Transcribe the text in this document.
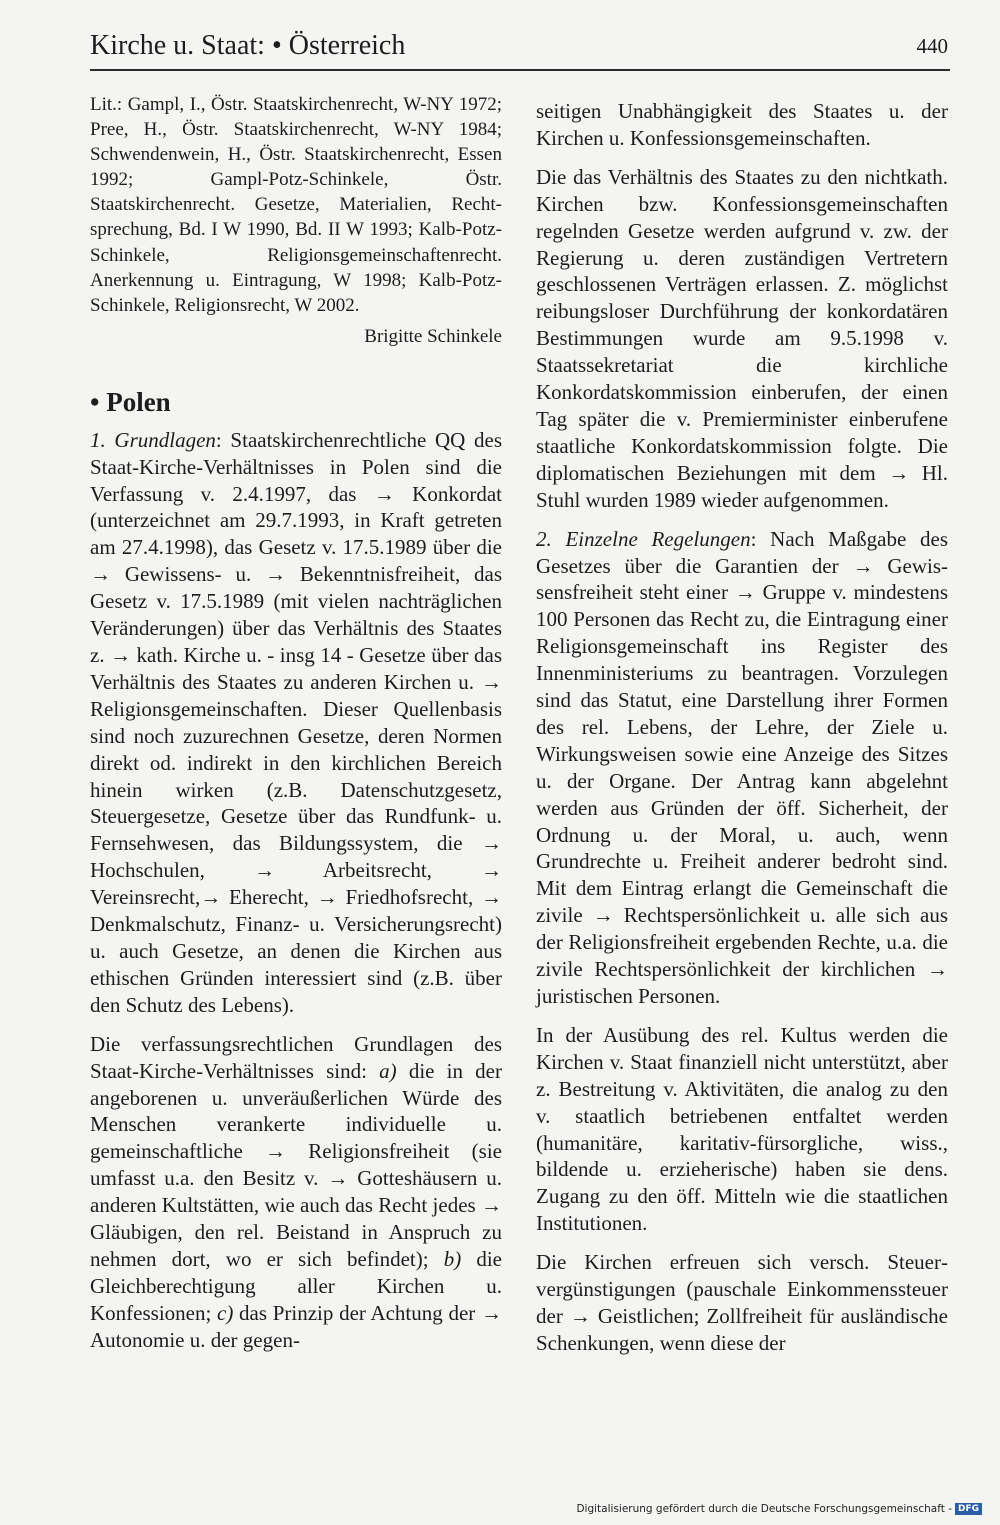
Kirche u. Staat: • Österreich	440

Lit.: Gampl, I., Östr. Staatskirchenrecht, W-NY 1972; Pree, H., Östr. Staatskirchenrecht, W-NY 1984; Schwendenwein, H., Östr. Staatskirchenrecht, Essen 1992; Gampl-Potz-Schinkele, Östr. Staatskirchenrecht. Gesetze, Materialien, Rechtsprechung, Bd. I W 1990, Bd. II W 1993; Kalb-Potz-Schinkele, Religionsgemeinschaftenrecht. Anerkennung u. Eintragung, W 1998; Kalb-Potz-Schinkele, Religionsrecht, W 2002.

Brigitte Schinkele

• Polen

1. Grundlagen: Staatskirchenrechtliche QQ des Staat-Kirche-Verhältnisses in Polen sind die Verfassung v. 2.4.1997, das → Konkordat (unterzeichnet am 29.7.1993, in Kraft getreten am 27.4.1998), das Gesetz v. 17.5.1989 über die → Gewissens- u. → Bekenntnisfreiheit, das Gesetz v. 17.5.1989 (mit vielen nachträglichen Veränderungen) über das Verhältnis des Staates z. → kath. Kirche u. - insg 14 - Gesetze über das Verhältnis des Staates zu anderen Kirchen u. → Religionsgemeinschaften. Dieser Quellenbasis sind noch zuzurechnen Gesetze, deren Normen direkt od. indirekt in den kirchlichen Bereich hinein wirken (z.B. Datenschutzgesetz, Steuergesetze, Gesetze über das Rundfunk- u. Fernsehwesen, das Bildungssystem, die → Hochschulen, → Arbeitsrecht, → Vereinsrecht,→ Eherecht, → Friedhofsrecht, → Denkmalschutz, Finanz- u. Versicherungsrecht) u. auch Gesetze, an denen die Kirchen aus ethischen Gründen interessiert sind (z.B. über den Schutz des Lebens).

Die verfassungsrechtlichen Grundlagen des Staat-Kirche-Verhältnisses sind: a) die in der angeborenen u. unveräußerlichen Würde des Menschen verankerte individuelle u. gemeinschaftliche → Religionsfreiheit (sie umfasst u.a. den Besitz v. → Gotteshäusern u. anderen Kultstätten, wie auch das Recht jedes → Gläubigen, den rel. Beistand in Anspruch zu nehmen dort, wo er sich befindet); b) die Gleichberechtigung aller Kirchen u. Konfessionen; c) das Prinzip der Achtung der → Autonomie u. der gegen-

seitigen Unabhängigkeit des Staates u. der Kirchen u. Konfessionsgemeinschaften.

Die das Verhältnis des Staates zu den nichtkath. Kirchen bzw. Konfessionsgemeinschaften regelnden Gesetze werden aufgrund v. zw. der Regierung u. deren zuständigen Vertretern geschlossenen Verträgen erlassen. Z. möglichst reibungsloser Durchführung der konkordatären Bestimmungen wurde am 9.5.1998 v. Staatssekretariat die kirchliche Konkordatskommission einberufen, der einen Tag später die v. Premierminister einberufene staatliche Konkordatskommission folgte. Die diplomatischen Beziehungen mit dem → Hl. Stuhl wurden 1989 wieder aufgenommen.

2. Einzelne Regelungen: Nach Maßgabe des Gesetzes über die Garantien der → Gewissensfreiheit steht einer → Gruppe v. mindestens 100 Personen das Recht zu, die Eintragung einer Religionsgemeinschaft ins Register des Innenministeriums zu beantragen. Vorzulegen sind das Statut, eine Darstellung ihrer Formen des rel. Lebens, der Lehre, der Ziele u. Wirkungsweisen sowie eine Anzeige des Sitzes u. der Organe. Der Antrag kann abgelehnt werden aus Gründen der öff. Sicherheit, der Ordnung u. der Moral, u. auch, wenn Grundrechte u. Freiheit anderer bedroht sind. Mit dem Eintrag erlangt die Gemeinschaft die zivile → Rechtspersönlichkeit u. alle sich aus der Religionsfreiheit ergebenden Rechte, u.a. die zivile Rechtspersönlichkeit der kirchlichen → juristischen Personen.

In der Ausübung des rel. Kultus werden die Kirchen v. Staat finanziell nicht unterstützt, aber z. Bestreitung v. Aktivitäten, die analog zu den v. staatlich betriebenen entfaltet werden (humanitäre, karitativ-fürsorgliche, wiss., bildende u. erzieherische) haben sie dens. Zugang zu den öff. Mitteln wie die staatlichen Institutionen.

Die Kirchen erfreuen sich versch. Steuervergünstigungen (pauschale Einkommenssteuer der → Geistlichen; Zollfreiheit für ausländische Schenkungen, wenn diese der

Digitalisierung gefördert durch die Deutsche Forschungsgemeinschaft - DFG
